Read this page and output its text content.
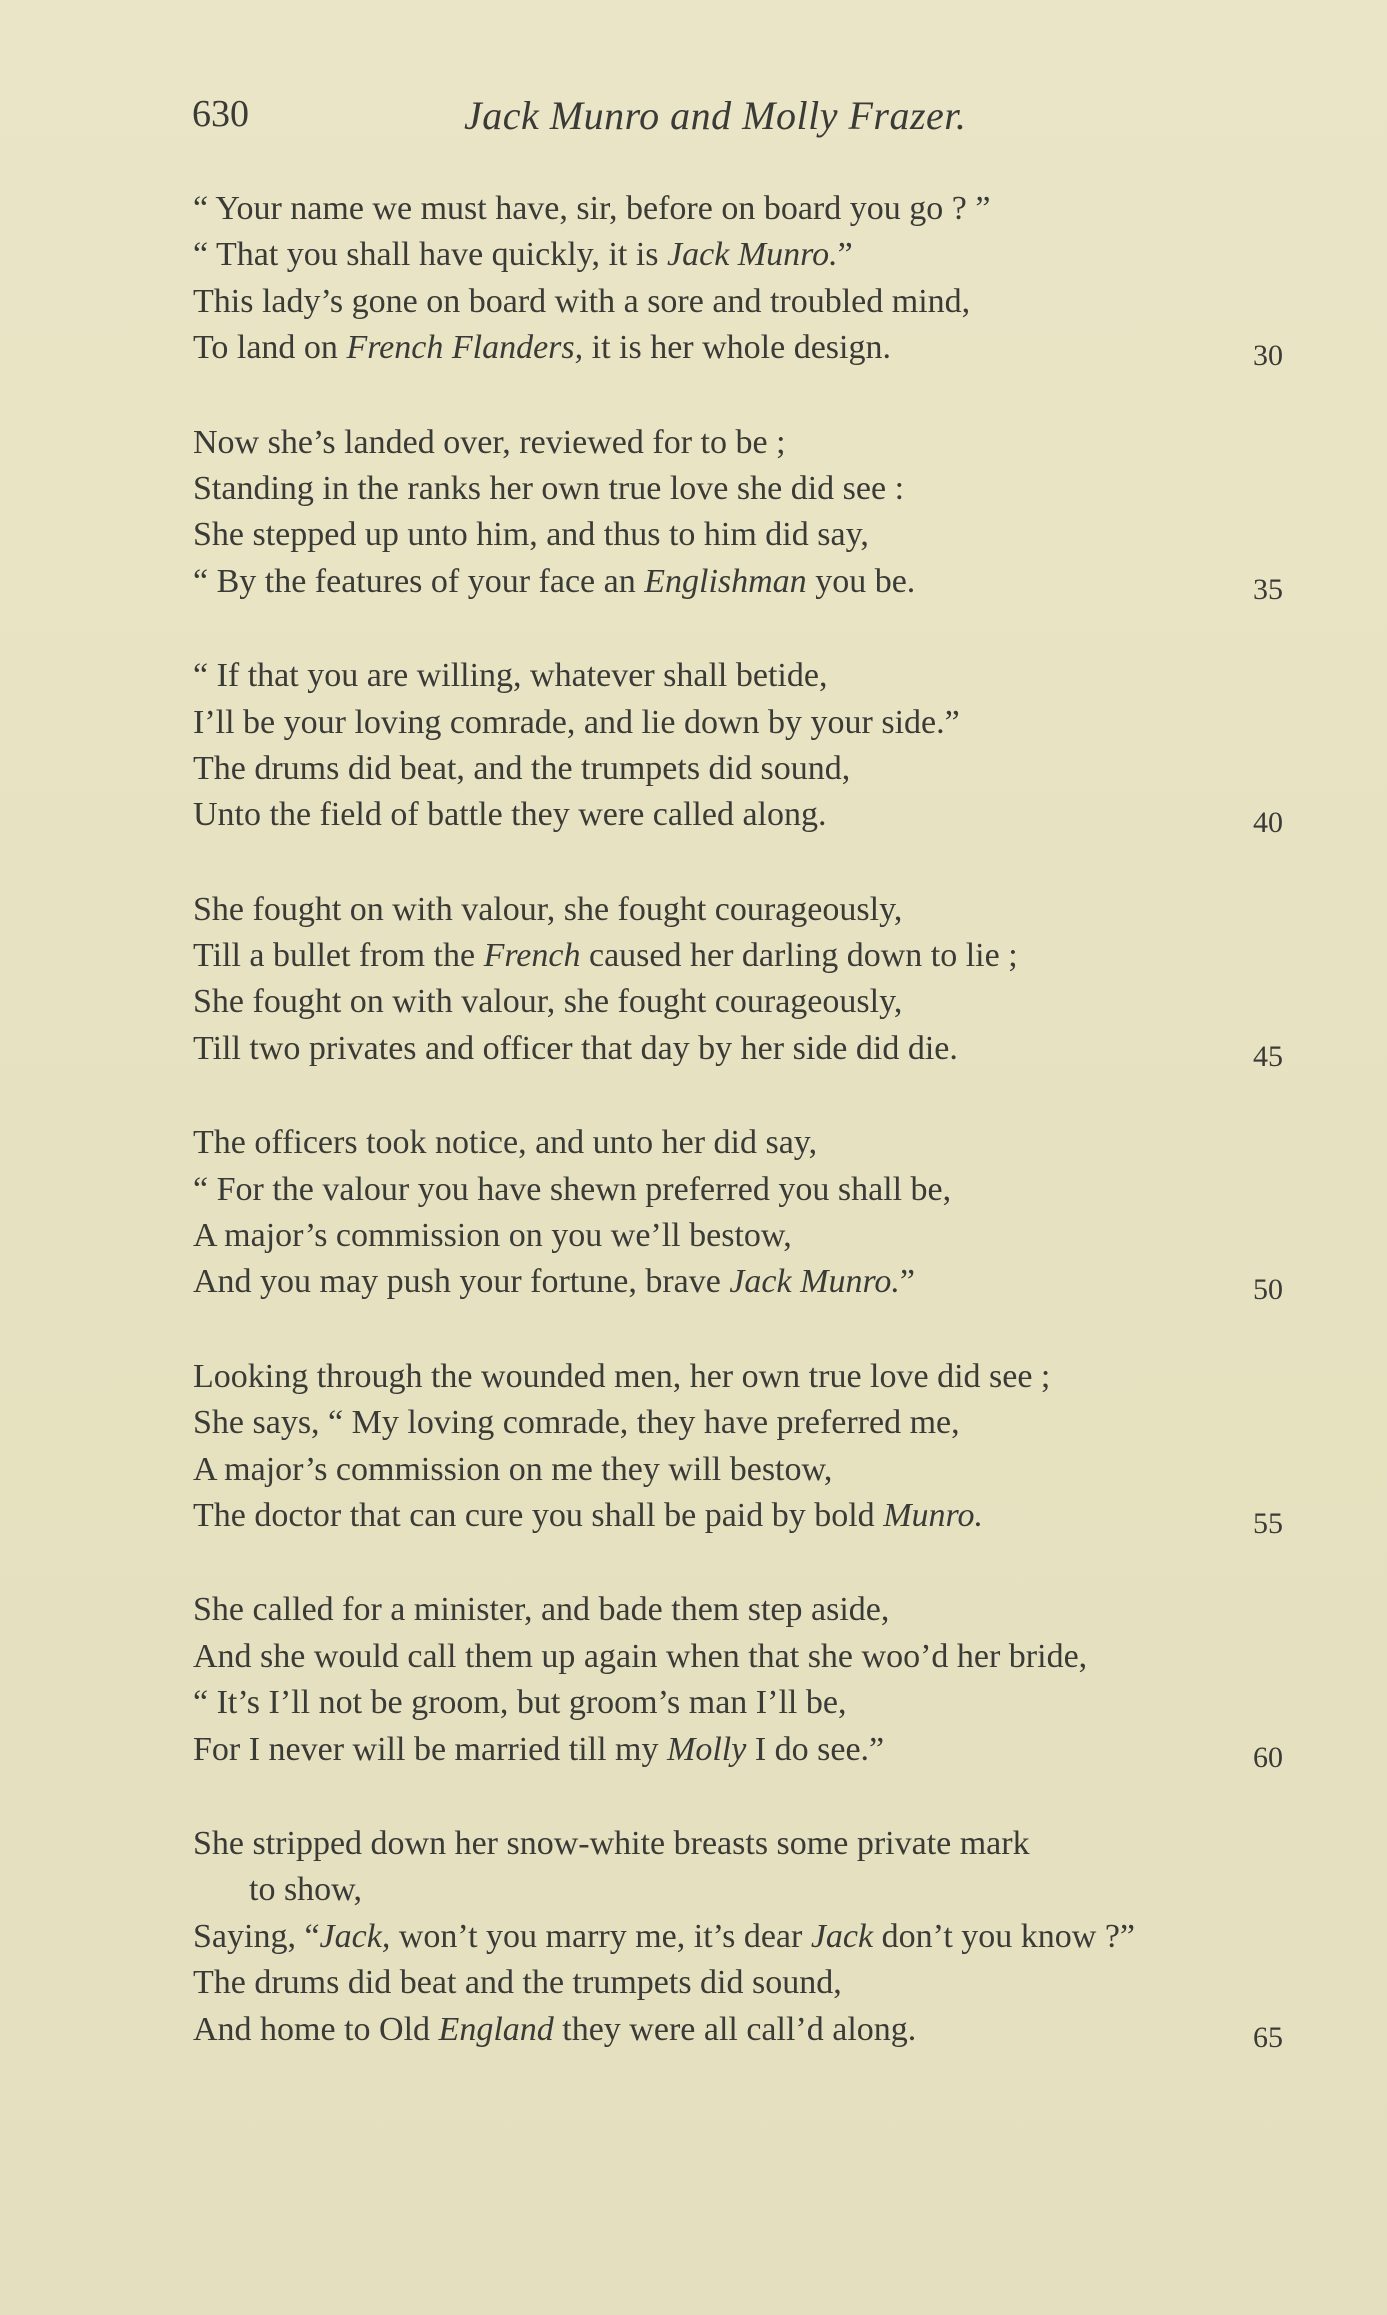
630	Jack Munro and Molly Frazer.
“ Your name we must have, sir, before on board you go ? ”
“ That you shall have quickly, it is Jack Munro.”
This lady’s gone on board with a sore and troubled mind,
To land on French Flanders, it is her whole design.	30
Now she’s landed over, reviewed for to be ;
Standing in the ranks her own true love she did see :
She stepped up unto him, and thus to him did say,
“ By the features of your face an Englishman you be.	35
“ If that you are willing, whatever shall betide,
I’ll be your loving comrade, and lie down by your side.”
The drums did beat, and the trumpets did sound,
Unto the field of battle they were called along.	40
She fought on with valour, she fought courageously,
Till a bullet from the French caused her darling down to lie ;
She fought on with valour, she fought courageously,
Till two privates and officer that day by her side did die.	45
The officers took notice, and unto her did say,
“ For the valour you have shewn preferred you shall be,
A major’s commission on you we’ll bestow,
And you may push your fortune, brave Jack Munro.”	50
Looking through the wounded men, her own true love did see ;
She says, “ My loving comrade, they have preferred me,
A major’s commission on me they will bestow,
The doctor that can cure you shall be paid by bold Munro.	55
She called for a minister, and bade them step aside,
And she would call them up again when that she woo’d her bride,
“ It’s I’ll not be groom, but groom’s man I’ll be,
For I never will be married till my Molly I do see.”	60
She stripped down her snow-white breasts some private mark
to show,
Saying, “Jack, won’t you marry me, it’s dear Jack don’t you know ?”
The drums did beat and the trumpets did sound,
And home to Old England they were all call’d along.	65
